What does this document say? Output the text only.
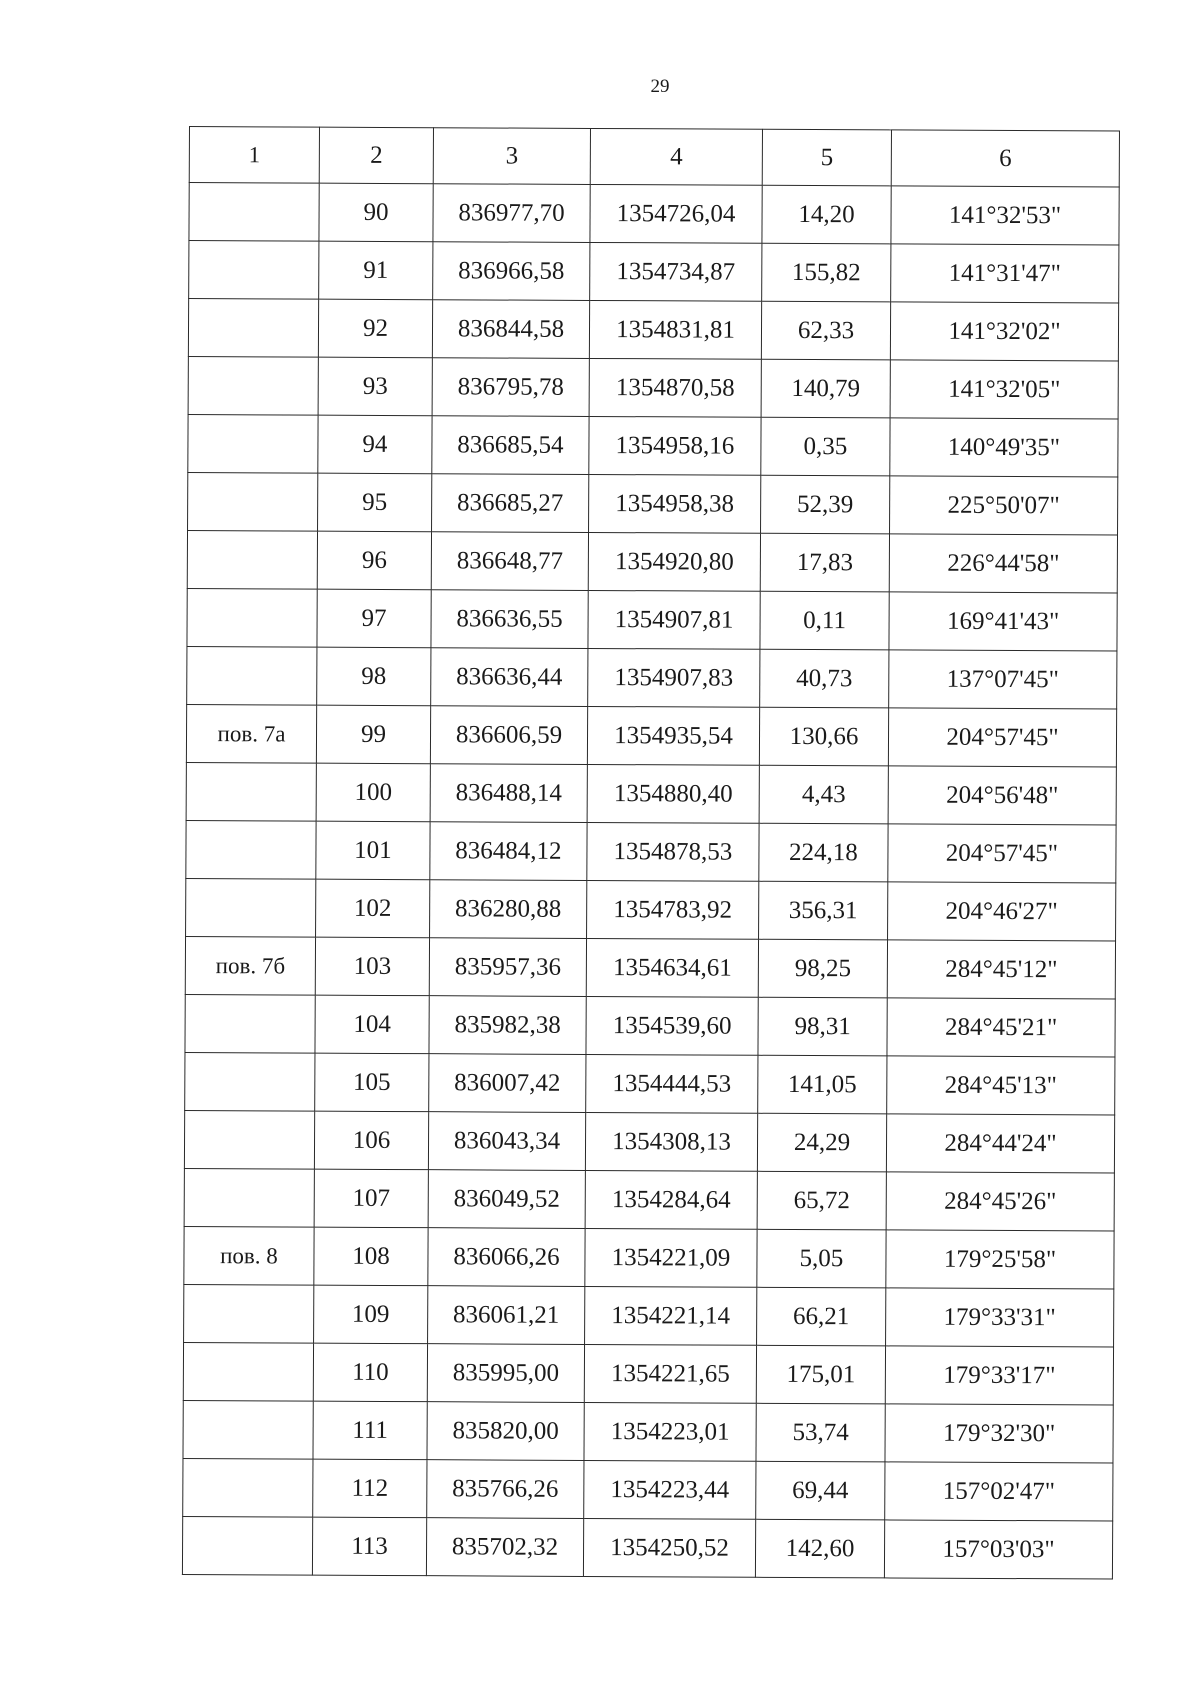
29
1	2	3	4	5	6
	90	836977,70	1354726,04	14,20	141°32'53"
	91	836966,58	1354734,87	155,82	141°31'47"
	92	836844,58	1354831,81	62,33	141°32'02"
	93	836795,78	1354870,58	140,79	141°32'05"
	94	836685,54	1354958,16	0,35	140°49'35"
	95	836685,27	1354958,38	52,39	225°50'07"
	96	836648,77	1354920,80	17,83	226°44'58"
	97	836636,55	1354907,81	0,11	169°41'43"
	98	836636,44	1354907,83	40,73	137°07'45"
пов. 7а	99	836606,59	1354935,54	130,66	204°57'45"
	100	836488,14	1354880,40	4,43	204°56'48"
	101	836484,12	1354878,53	224,18	204°57'45"
	102	836280,88	1354783,92	356,31	204°46'27"
пов. 7б	103	835957,36	1354634,61	98,25	284°45'12"
	104	835982,38	1354539,60	98,31	284°45'21"
	105	836007,42	1354444,53	141,05	284°45'13"
	106	836043,34	1354308,13	24,29	284°44'24"
	107	836049,52	1354284,64	65,72	284°45'26"
пов. 8	108	836066,26	1354221,09	5,05	179°25'58"
	109	836061,21	1354221,14	66,21	179°33'31"
	110	835995,00	1354221,65	175,01	179°33'17"
	111	835820,00	1354223,01	53,74	179°32'30"
	112	835766,26	1354223,44	69,44	157°02'47"
	113	835702,32	1354250,52	142,60	157°03'03"
